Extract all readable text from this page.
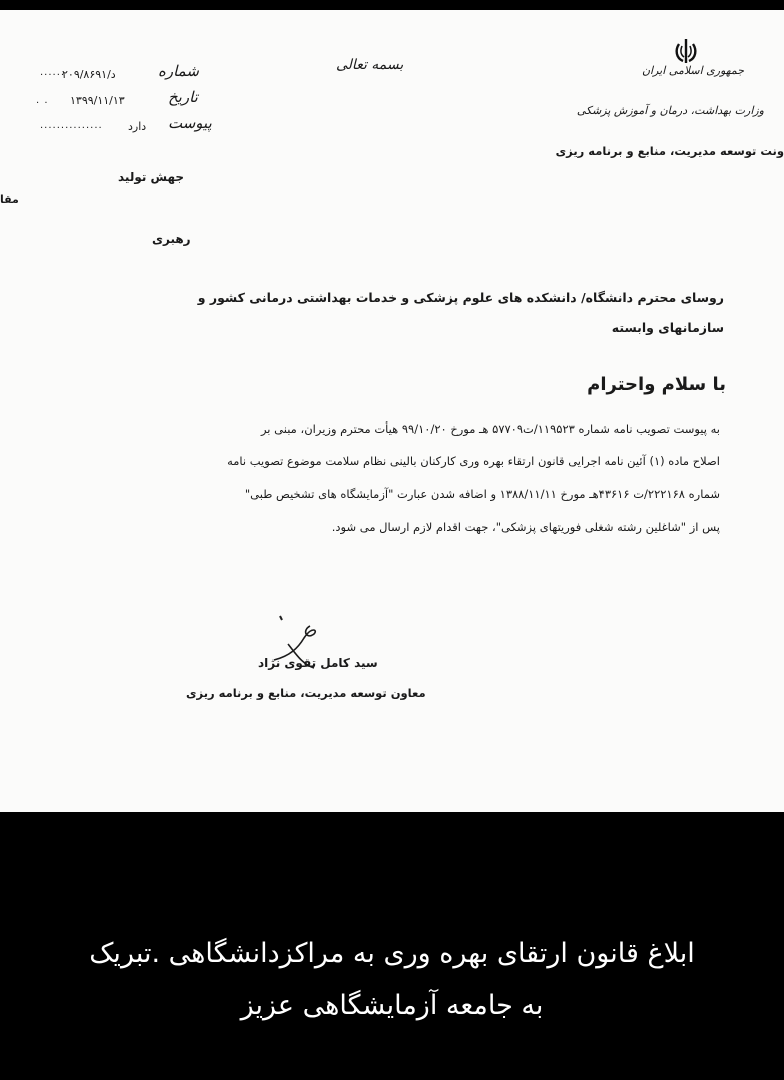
جمهوری اسلامی ایران
وزارت بهداشت، درمان و آموزش پزشکی
ونت توسعه مدیریت، منابع و برنامه ریزی
بسمه تعالی
شماره
د/۲۰۹/۸۶۹۱
......
تاریخ
۱۳۹۹/۱۱/۱۳
. .
پیوست
دارد
...............
مقا
جهش تولید
رهبری
روسای محترم دانشگاه/ دانشکده های علوم پزشکی و خدمات بهداشتی درمانی کشور و
سازمانهای وابسته
با سلام واحترام
به پیوست تصویب نامه شماره ۱۱۹۵۲۳/ت۵۷۷۰۹ هـ مورخ ۹۹/۱۰/۲۰ هیأت محترم وزیران، مبنی بر
اصلاح ماده (۱) آئین نامه اجرایی قانون ارتقاء بهره وری کارکنان بالینی نظام سلامت موضوع تصویب نامه
شماره ۲۲۲۱۶۸/ت ۴۳۶۱۶هـ مورخ ۱۳۸۸/۱۱/۱۱ و اضافه شدن عبارت "آزمایشگاه های تشخیص طبی"
پس از "شاغلین رشته شغلی فوریتهای پزشکی"، جهت اقدام لازم ارسال می شود.
سید کامل تقوی نژاد
معاون توسعه مدیریت، منابع و برنامه ریزی
ابلاغ قانون ارتقای بهره وری به مراکزدانشگاهی .تبریک
به جامعه آزمایشگاهی عزیز
